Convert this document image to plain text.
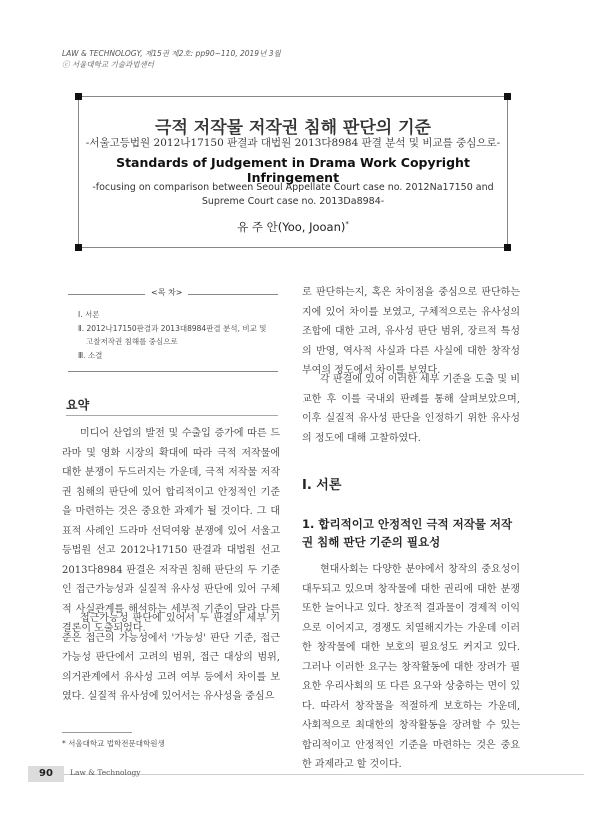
LAW & TECHNOLOGY, 제15권 제2호: pp90~110, 2019년 3월
ⓒ 서울대학교 기술과법센터
극적 저작물 저작권 침해 판단의 기준
-서울고등법원 2012나17150 판결과 대법원 2013다8984 판결 분석 및 비교를 중심으로-
Standards of Judgement in Drama Work Copyright Infringement
-focusing on comparison between Seoul Appellate Court case no. 2012Na17150 and Supreme Court case no. 2013Da8984-
유 주 안(Yoo, Jooan)*
Ⅰ. 서론
Ⅱ. 2012나17150판결과 2013대8984판결 분석, 비교 및
고찰저작권 침해를 중심으로
Ⅲ. 소결
<목 차>
요약
미디어 산업의 발전 및 수출입 증가에 따른 드라마 및 영화 시장의 확대에 따라 극적 저작물에 대한 분쟁이 두드러지는 가운데, 극적 저작물 저작권 침해의 판단에 있어 합리적이고 안정적인 기준을 마련하는 것은 중요한 과제가 될 것이다. 그 대표적 사례인 드라마 선덕여왕 분쟁에 있어 서울고등법원 선고 2012나17150 판결과 대법원 선고 2013다8984 판결은 저작권 침해 판단의 두 기준인 접근가능성과 실질적 유사성 판단에 있어 구체적 사실관계를 해석하는 세부적 기준이 달라 다른 결론이 도출되었다.
접근가능성 판단에 있어서 두 판결의 세부 기준은 접근의 가능성에서 '가능성' 판단 기준, 접근가능성 판단에서 고려의 범위, 접근 대상의 범위, 의거관계에서 유사성 고려 여부 등에서 차이를 보였다. 실질적 유사성에 있어서는 유사성을 중심으
로 판단하는지, 혹은 차이점을 중심으로 판단하는지에 있어 차이를 보였고, 구체적으로는 유사성의 조합에 대한 고려, 유사성 판단 범위, 장르적 특성의 반영, 역사적 사실과 다른 사실에 대한 창작성 부여의 정도에서 차이를 보였다.
각 판결에 있어 이러한 세부 기준을 도출 및 비교한 후 이를 국내외 판례를 통해 살펴보았으며, 이후 실질적 유사성 판단을 인정하기 위한 유사성의 정도에 대해 고찰하였다.
Ⅰ. 서론
1. 합리적이고 안정적인 극적 저작물 저작권 침해 판단 기준의 필요성
현대사회는 다양한 분야에서 창작의 중요성이 대두되고 있으며 창작물에 대한 권리에 대한 분쟁 또한 늘어나고 있다. 창조적 결과물이 경제적 이익으로 이어지고, 경쟁도 치열해지가는 가운데 이러한 창작물에 대한 보호의 필요성도 커지고 있다. 그러나 이러한 요구는 창작활동에 대한 장려가 필요한 우리사회의 또 다른 요구와 상충하는 면이 있다. 따라서 창작물을 적절하게 보호하는 가운데, 사회적으로 최대한의 창작활동을 장려할 수 있는 합리적이고 안정적인 기준을 마련하는 것은 중요한 과제라고 할 것이다.
* 서울대학교 법학전문대학원생
90	Law & Technology
